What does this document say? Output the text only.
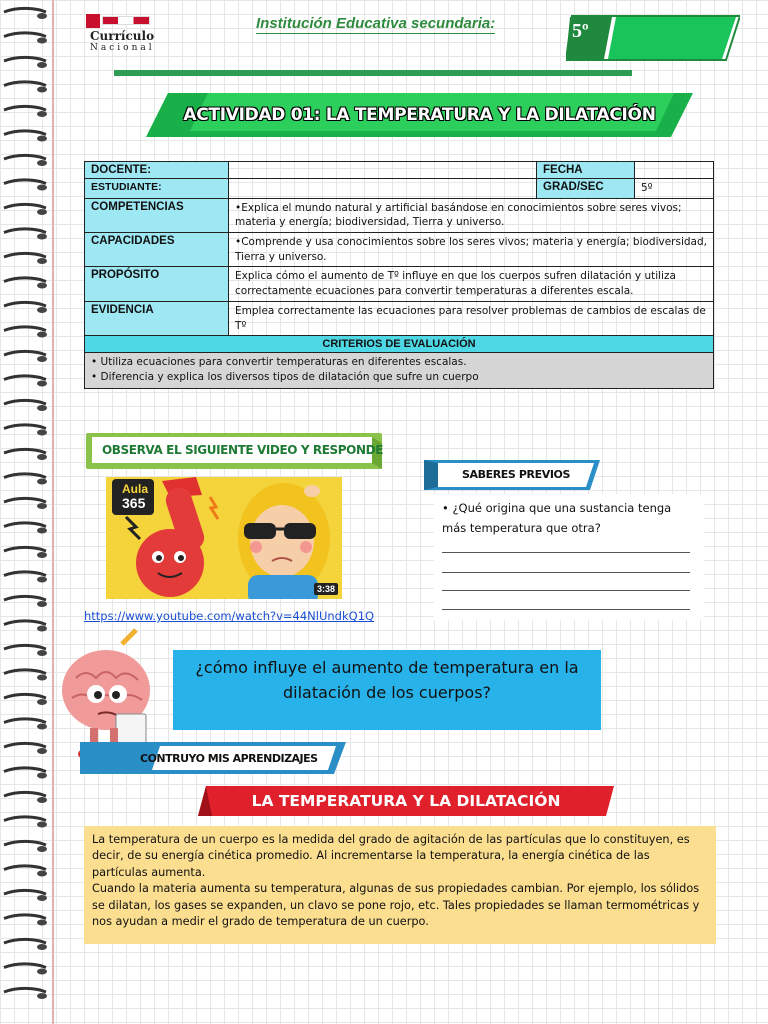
Currículo
Nacional
Institución Educativa secundaria:	5º
ACTIVIDAD 01: LA TEMPERATURA Y LA DILATACIÓN
DOCENTE:		FECHA	
ESTUDIANTE:		GRAD/SEC	5º
COMPETENCIAS	•Explica el mundo natural y artificial basándose en conocimientos sobre seres vivos; materia y energía; biodiversidad, Tierra y universo.		
CAPACIDADES	•Comprende y usa conocimientos sobre los seres vivos; materia y energía; biodiversidad, Tierra y universo.		
PROPÓSITO	Explica cómo el aumento de Tº influye en que los cuerpos sufren dilatación y utiliza correctamente ecuaciones para convertir temperaturas a diferentes escala.		
EVIDENCIA	Emplea correctamente las ecuaciones para resolver problemas de cambios de escalas de Tº		
CRITERIOS DE EVALUACIÓN			

• Utiliza ecuaciones para convertir temperaturas en diferentes escalas.
• Diferencia y explica los diversos tipos de dilatación que sufre un cuerpo			
OBSERVA EL SIGUIENTE VIDEO Y RESPONDE
Aula
365
3:38
https://www.youtube.com/watch?v=44NlUndkQ1Q
SABERES PREVIOS
• ¿Qué origina que una sustancia tenga más temperatura que otra?
¿cómo influye el aumento de temperatura en la dilatación de los cuerpos?
CONTRUYO MIS APRENDIZAJES
LA TEMPERATURA Y LA DILATACIÓN

La temperatura de un cuerpo es la medida del grado de agitación de las partículas que lo constituyen, es decir, de su energía cinética promedio. Al incrementarse la temperatura, la energía cinética de las partículas aumenta.

Cuando la materia aumenta su temperatura, algunas de sus propiedades cambian. Por ejemplo, los sólidos se dilatan, los gases se expanden, un clavo se pone rojo, etc. Tales propiedades se llaman termométricas y nos ayudan a medir el grado de temperatura de un cuerpo.
